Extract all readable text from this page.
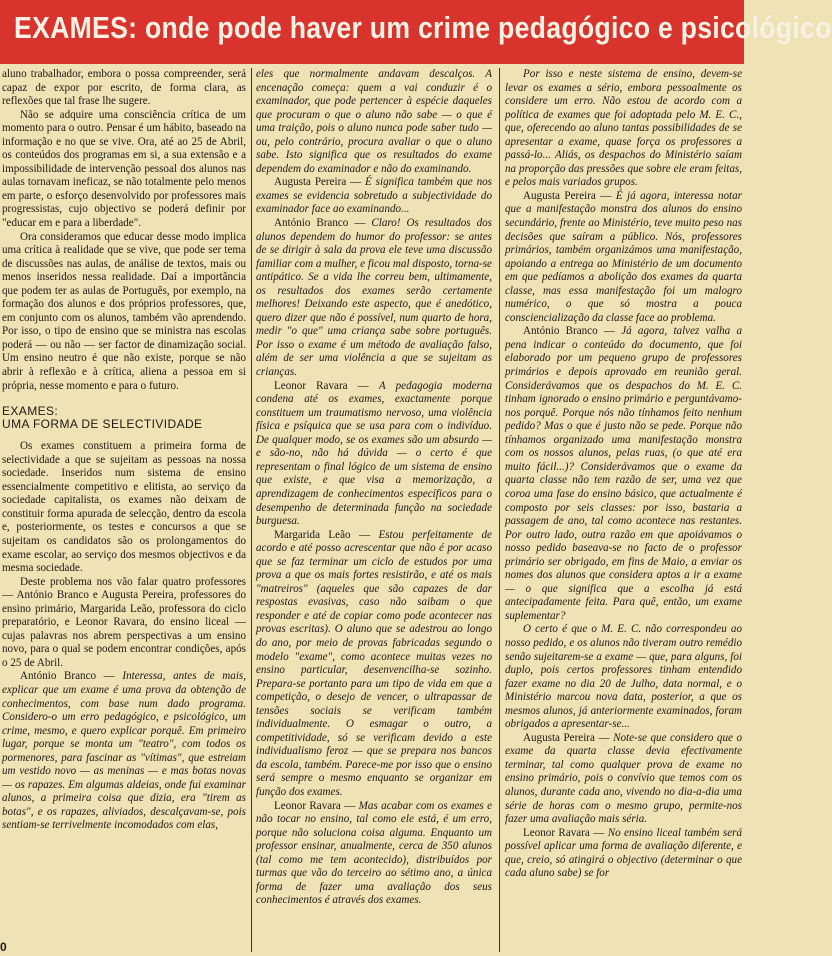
EXAMES: onde pode haver um crime pedagógico e psicológico

aluno trabalhador, embora o possa compreender, será capaz de expor por escrito, de forma clara, as reflexões que tal frase lhe sugere.

Não se adquire uma consciência crítica de um momento para o outro. Pensar é um hábito, baseado na informação e no que se vive. Ora, até ao 25 de Abril, os conteúdos dos programas em si, a sua extensão e a impossibilidade de intervenção pessoal dos alunos nas aulas tornavam ineficaz, se não totalmente pelo menos em parte, o esforço desenvolvido por professores mais progressistas, cujo objectivo se poderá definir por "educar em e para a liberdade".

Ora consideramos que educar desse modo implica uma crítica à realidade que se vive, que pode ser tema de discussões nas aulas, de análise de textos, mais ou menos inseridos nessa realidade. Daí a importância que podem ter as aulas de Português, por exemplo, na formação dos alunos e dos próprios professores, que, em conjunto com os alunos, também vão aprendendo. Por isso, o tipo de ensino que se ministra nas escolas poderá — ou não — ser factor de dinamização social. Um ensino neutro é que não existe, porque se não abrir à reflexão e à crítica, aliena a pessoa em si própria, nesse momento e para o futuro.

EXAMES:
UMA FORMA DE SELECTIVIDADE

Os exames constituem a primeira forma de selectividade a que se sujeitam as pessoas na nossa sociedade. Inseridos num sistema de ensino essencialmente competitivo e elitista, ao serviço da sociedade capitalista, os exames não deixam de constituir forma apurada de selecção, dentro da escola e, posteriormente, os testes e concursos a que se sujeitam os candidatos são os prolongamentos do exame escolar, ao serviço dos mesmos objectivos e da mesma sociedade.

Deste problema nos vão falar quatro professores — António Branco e Augusta Pereira, professores do ensino primário, Margarida Leão, professora do ciclo preparatório, e Leonor Ravara, do ensino liceal — cujas palavras nos abrem perspectivas a um ensino novo, para o qual se podem encontrar condições, após o 25 de Abril.

António Branco — Interessa, antes de mais, explicar que um exame é uma prova da obtenção de conhecimentos, com base num dado programa. Considero-o um erro pedagógico, e psicológico, um crime, mesmo, e quero explicar porquê. Em primeiro lugar, porque se monta um "teatro", com todos os pormenores, para fascinar as "vítimas", que estreiam um vestido novo — as meninas — e mas botas novas — os rapazes. Em algumas aldeias, onde fui examinar alunos, a primeira coisa que dizia, era "tirem as botas", e os rapazes, aliviados, descalçavam-se, pois sentiam-se terrivelmente incomodados com elas,

eles que normalmente andavam descalços. A encenação começa: quem a vai conduzir é o examinador, que pode pertencer à espécie daqueles que procuram o que o aluno não sabe — o que é uma traição, pois o aluno nunca pode saber tudo — ou, pelo contrário, procura avaliar o que o aluno sabe. Isto significa que os resultados do exame dependem do examinador e não do examinando.

Augusta Pereira — É significa também que nos exames se evidencia sobretudo a subjectividade do examinador face ao examinando...

António Branco — Claro! Os resultados dos alunos dependem do humor do professor: se antes de se dirigir à sala da prova ele teve uma discussão familiar com a mulher, e ficou mal disposto, torna-se antipático. Se a vida lhe correu bem, ultimamente, os resultados dos exames serão certamente melhores! Deixando este aspecto, que é anedótico, quero dizer que não é possível, num quarto de hora, medir "o que" uma criança sabe sobre português. Por isso o exame é um método de avaliação falso, além de ser uma violência a que se sujeitam as crianças.

Leonor Ravara — A pedagogia moderna condena até os exames, exactamente porque constituem um traumatismo nervoso, uma violência física e psíquica que se usa para com o indivíduo. De qualquer modo, se os exames são um absurdo — e são-no, não há dúvida — o certo é que representam o final lógico de um sistema de ensino que existe, e que visa a memorização, a aprendizagem de conhecimentos específicos para o desempenho de determinada função na sociedade burguesa.

Margarida Leão — Estou perfeitamente de acordo e até posso acrescentar que não é por acaso que se faz terminar um ciclo de estudos por uma prova a que os mais fortes resistirão, e até os mais "matreiros" (aqueles que são capazes de dar respostas evasivas, caso não saibam o que responder e até de copiar como pode acontecer nas provas escritas). O aluno que se adestrou ao longo do ano, por meio de provas fabricadas segundo o modelo "exame", como acontece muitas vezes no ensino particular, desenvencilha-se sozinho. Prepara-se portanto para um tipo de vida em que a competição, o desejo de vencer, o ultrapassar de tensões sociais se verificam também individualmente. O esmagar o outro, a competitividade, só se verificam devido a este individualismo feroz — que se prepara nos bancos da escola, também. Parece-me por isso que o ensino será sempre o mesmo enquanto se organizar em função dos exames.

Leonor Ravara — Mas acabar com os exames e não tocar no ensino, tal como ele está, é um erro, porque não soluciona coisa alguma. Enquanto um professor ensinar, anualmente, cerca de 350 alunos (tal como me tem acontecido), distribuídos por turmas que vão do terceiro ao sétimo ano, a única forma de fazer uma avaliação dos seus conhecimentos é através dos exames.

Por isso e neste sistema de ensino, devem-se levar os exames a sério, embora pessoalmente os considere um erro. Não estou de acordo com a política de exames que foi adoptada pelo M. E. C., que, oferecendo ao aluno tantas possibilidades de se apresentar a exame, quase força os professores a passá-lo... Aliás, os despachos do Ministério saíam na proporção das pressões que sobre ele eram feitas, e pelos mais variados grupos.

Augusta Pereira — É já agora, interessa notar que a manifestação monstra dos alunos do ensino secundário, frente ao Ministério, teve muito peso nas decisões que saíram a público. Nós, professores primários, também organizámos uma manifestação, apoiando a entrega ao Ministério de um documento em que pedíamos a abolição dos exames da quarta classe, mas essa manifestação foi um malogro numérico, o que só mostra a pouca consciencialização da classe face ao problema.

António Branco — Já agora, talvez valha a pena indicar o conteúdo do documento, que foi elaborado por um pequeno grupo de professores primários e depois aprovado em reunião geral. Considerávamos que os despachos do M. E. C. tinham ignorado o ensino primário e perguntávamo-nos porquê. Porque nós não tínhamos feito nenhum pedido? Mas o que é justo não se pede. Porque não tínhamos organizado uma manifestação monstra com os nossos alunos, pelas ruas, (o que até era muito fácil...)? Considerávamos que o exame da quarta classe não tem razão de ser, uma vez que coroa uma fase do ensino básico, que actualmente é composto por seis classes: por isso, bastaria a passagem de ano, tal como acontece nas restantes. Por outro lado, outra razão em que apoiávamos o nosso pedido baseava-se no facto de o professor primário ser obrigado, em fins de Maio, a enviar os nomes dos alunos que considera aptos a ir a exame — o que significa que a escolha já está antecipadamente feita. Para quê, então, um exame suplementar?

O certo é que o M. E. C. não correspondeu ao nosso pedido, e os alunos não tiveram outro remédio senão sujeitarem-se a exame — que, para alguns, foi duplo, pois certos professores tinham entendido fazer exame no dia 20 de Julho, data normal, e o Ministério marcou nova data, posterior, a que os mesmos alunos, já anteriormente examinados, foram obrigados a apresentar-se...

Augusta Pereira — Note-se que considero que o exame da quarta classe devia efectivamente terminar, tal como qualquer prova de exame no ensino primário, pois o convívio que temos com os alunos, durante cada ano, vivendo no dia-a-dia uma série de horas com o mesmo grupo, permite-nos fazer uma avaliação mais séria.

Leonor Ravara — No ensino liceal também será possível aplicar uma forma de avaliação diferente, e que, creio, só atingirá o objectivo (determinar o que cada aluno sabe) se for

0
